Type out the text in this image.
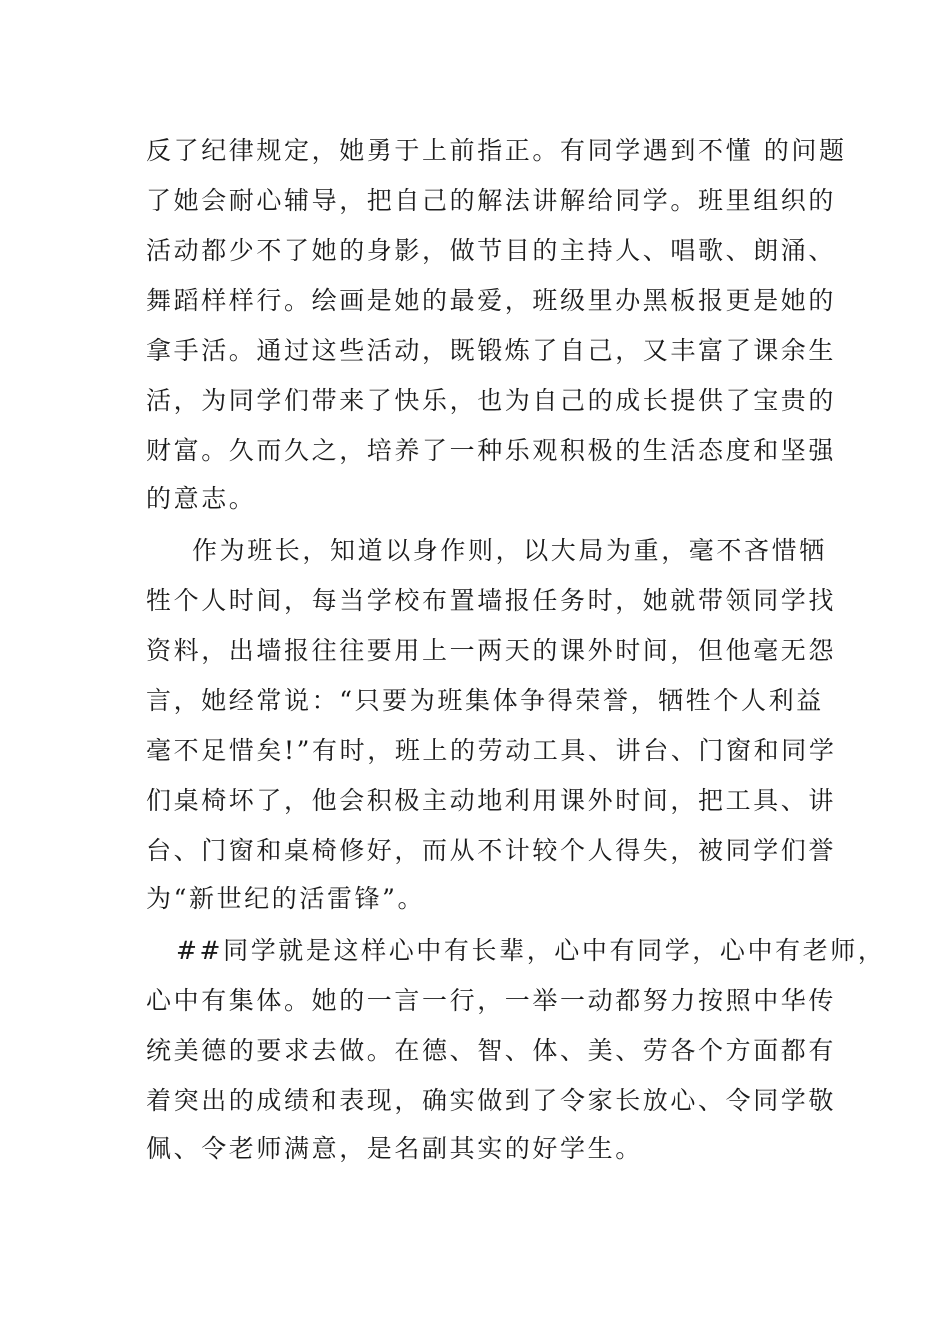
反了纪律规定，她勇于上前指正。有同学遇到不懂 的问题
了她会耐心辅导，把自己的解法讲解给同学。班里组织的
活动都少不了她的身影，做节目的主持人、唱歌、朗涌、
舞蹈样样行。绘画是她的最爱，班级里办黑板报更是她的
拿手活。通过这些活动，既锻炼了自己，又丰富了课余生
活，为同学们带来了快乐，也为自己的成长提供了宝贵的
财富。久而久之，培养了一种乐观积极的生活态度和坚强
的意志。
作为班长，知道以身作则，以大局为重，毫不吝惜牺
牲个人时间，每当学校布置墙报任务时，她就带领同学找
资料，出墙报往往要用上一两天的课外时间，但他毫无怨
言，她经常说：“只要为班集体争得荣誉，牺牲个人利益
毫不足惜矣!”有时，班上的劳动工具、讲台、门窗和同学
们桌椅坏了，他会积极主动地利用课外时间，把工具、讲
台、门窗和桌椅修好，而从不计较个人得失，被同学们誉
为“新世纪的活雷锋”。
##同学就是这样心中有长辈，心中有同学，心中有老师，
心中有集体。她的一言一行，一举一动都努力按照中华传
统美德的要求去做。在德、智、体、美、劳各个方面都有
着突出的成绩和表现，确实做到了令家长放心、令同学敬
佩、令老师满意，是名副其实的好学生。
